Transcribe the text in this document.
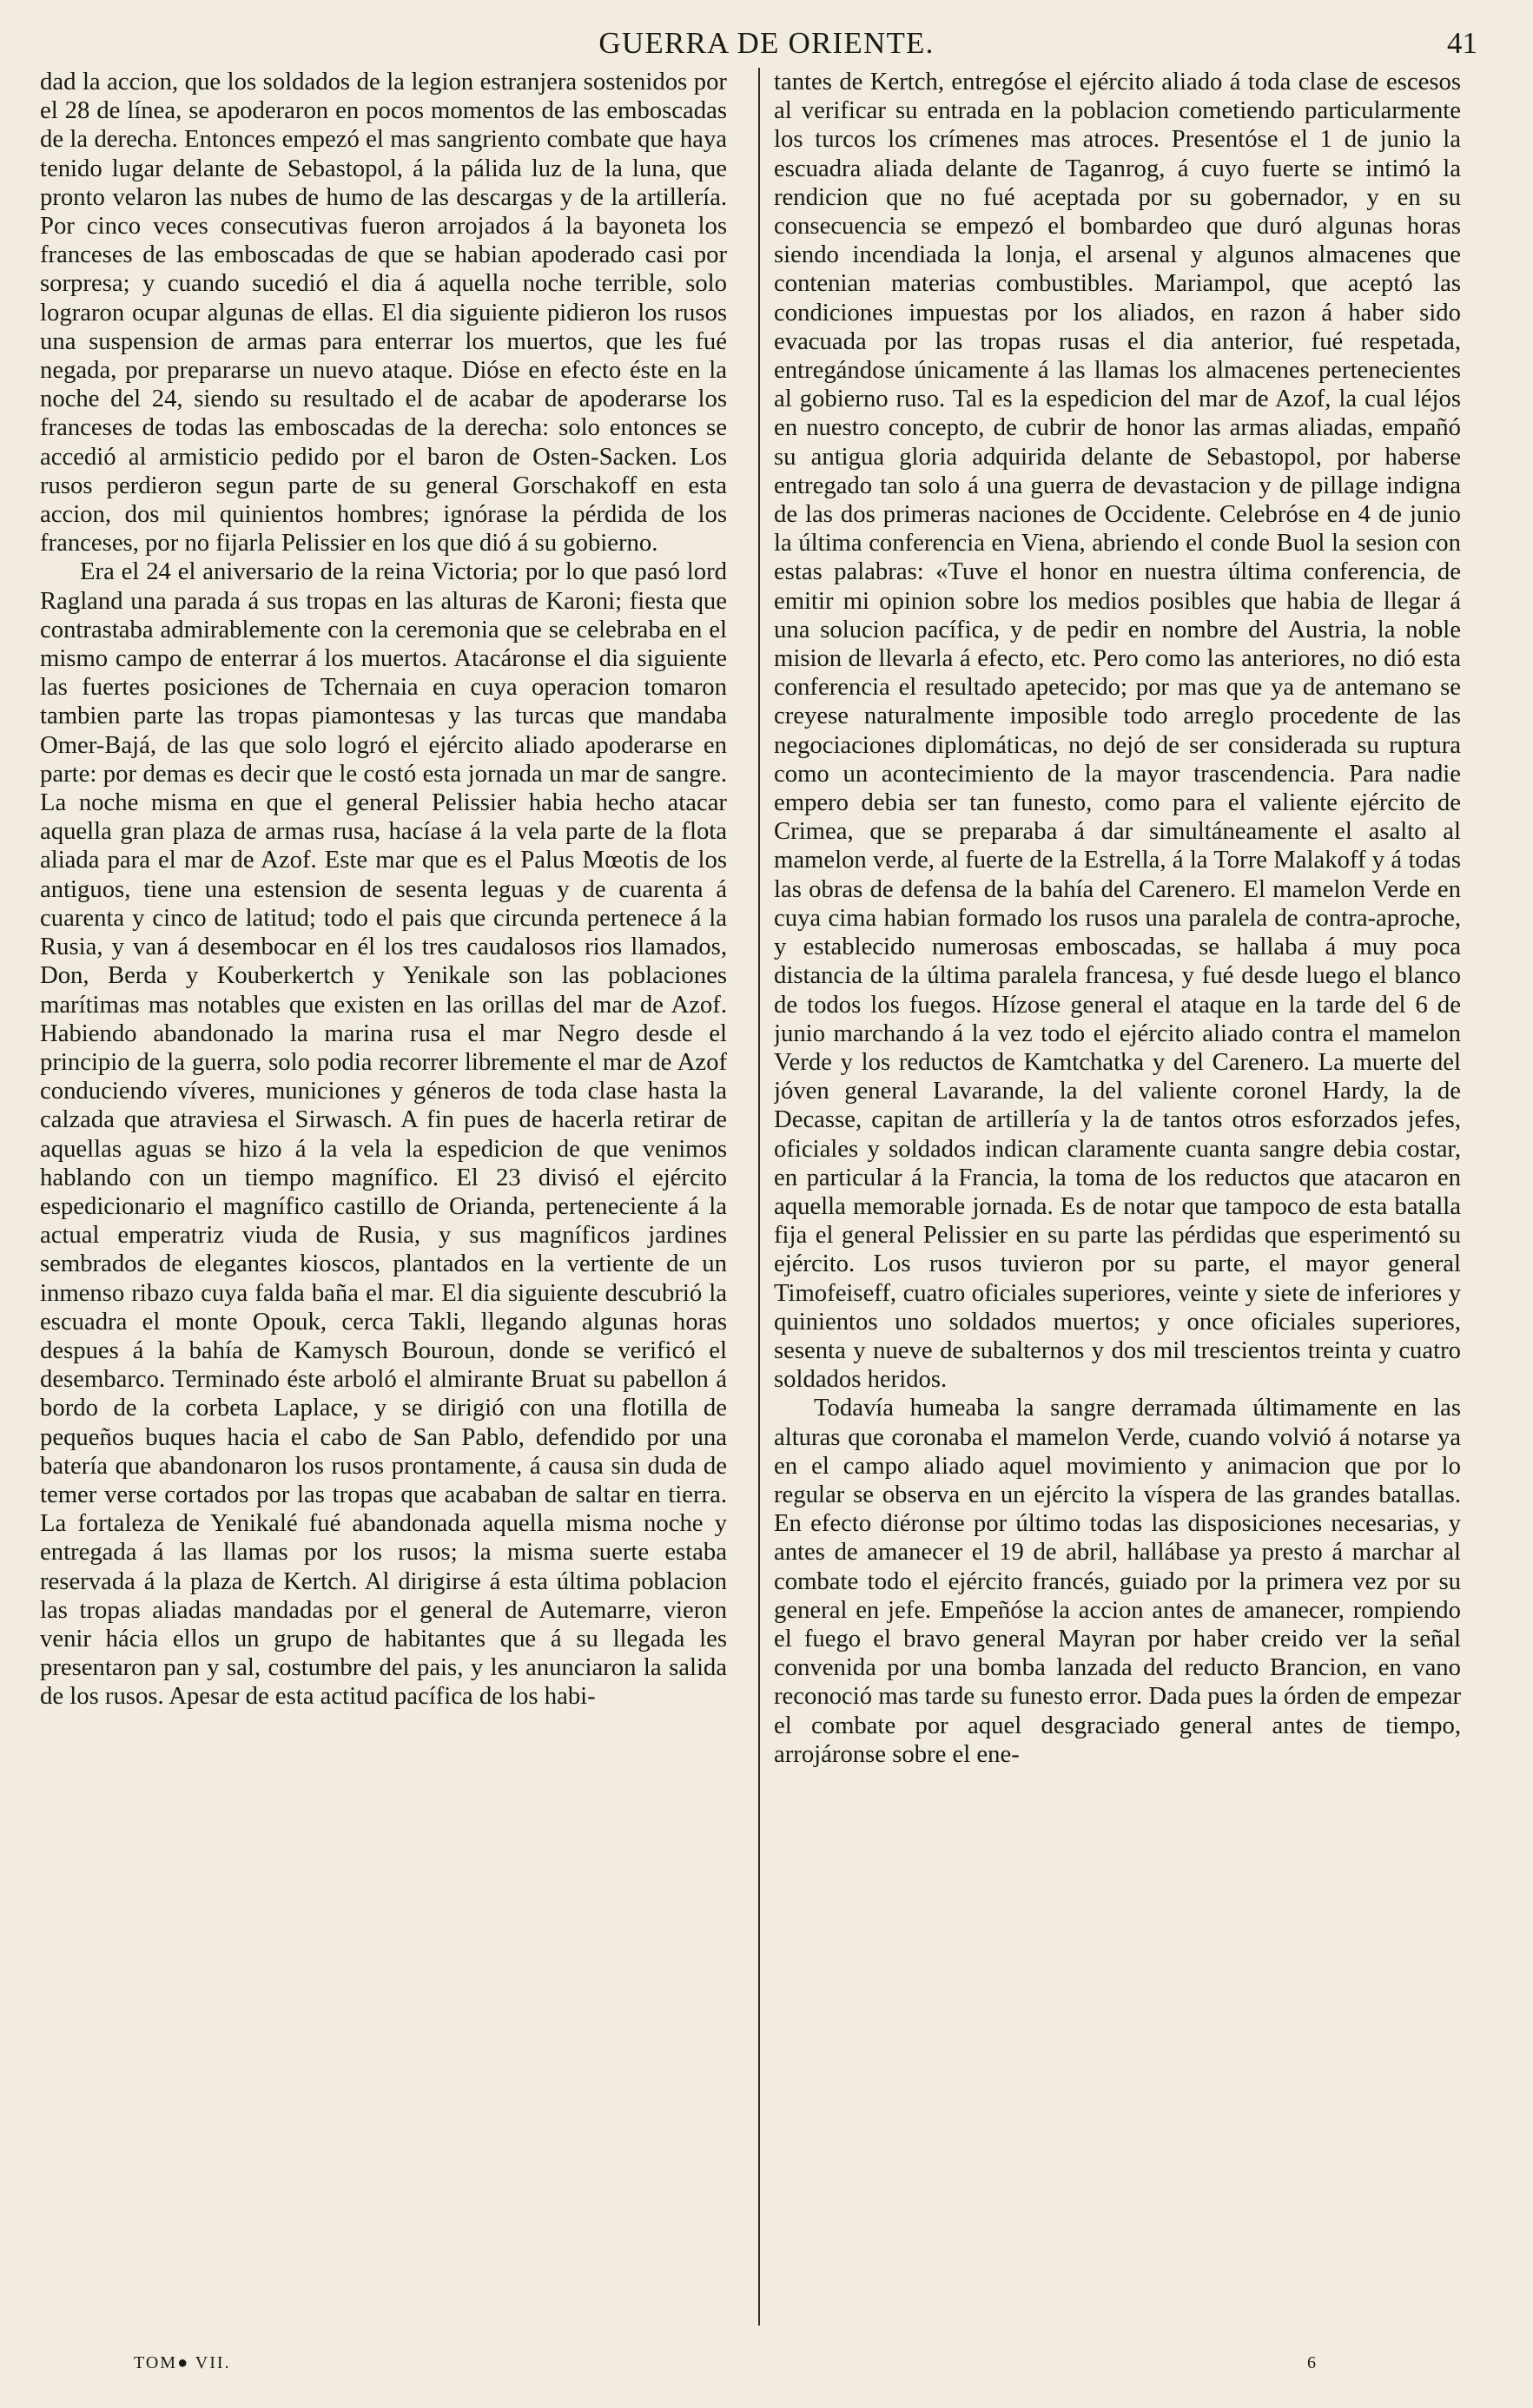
GUERRA DE ORIENTE.	41

dad la accion, que los soldados de la legion estranjera sostenidos por el 28 de línea, se apoderaron en pocos momentos de las emboscadas de la derecha. Entonces empezó el mas sangriento combate que haya tenido lugar delante de Sebastopol, á la pálida luz de la luna, que pronto velaron las nubes de humo de las descargas y de la artillería. Por cinco veces consecutivas fueron arrojados á la bayoneta los franceses de las emboscadas de que se habian apoderado casi por sorpresa; y cuando sucedió el dia á aquella noche terrible, solo lograron ocupar algunas de ellas. El dia siguiente pidieron los rusos una suspension de armas para enterrar los muertos, que les fué negada, por prepararse un nuevo ataque. Dióse en efecto éste en la noche del 24, siendo su resultado el de acabar de apoderarse los franceses de todas las emboscadas de la derecha: solo entonces se accedió al armisticio pedido por el baron de Osten-Sacken. Los rusos perdieron segun parte de su general Gorschakoff en esta accion, dos mil quinientos hombres; ignórase la pérdida de los franceses, por no fijarla Pelissier en los que dió á su gobierno.

Era el 24 el aniversario de la reina Victoria; por lo que pasó lord Ragland una parada á sus tropas en las alturas de Karoni; fiesta que contrastaba admirablemente con la ceremonia que se celebraba en el mismo campo de enterrar á los muertos. Atacáronse el dia siguiente las fuertes posiciones de Tchernaia en cuya operacion tomaron tambien parte las tropas piamontesas y las turcas que mandaba Omer-Bajá, de las que solo logró el ejército aliado apoderarse en parte: por demas es decir que le costó esta jornada un mar de sangre. La noche misma en que el general Pelissier habia hecho atacar aquella gran plaza de armas rusa, hacíase á la vela parte de la flota aliada para el mar de Azof. Este mar que es el Palus Mœotis de los antiguos, tiene una estension de sesenta leguas y de cuarenta á cuarenta y cinco de latitud; todo el pais que circunda pertenece á la Rusia, y van á desembocar en él los tres caudalosos rios llamados, Don, Berda y Kouberkertch y Yenikale son las poblaciones marítimas mas notables que existen en las orillas del mar de Azof. Habiendo abandonado la marina rusa el mar Negro desde el principio de la guerra, solo podia recorrer libremente el mar de Azof conduciendo víveres, municiones y géneros de toda clase hasta la calzada que atraviesa el Sirwasch. A fin pues de hacerla retirar de aquellas aguas se hizo á la vela la espedicion de que venimos hablando con un tiempo magnífico. El 23 divisó el ejército espedicionario el magnífico castillo de Orianda, perteneciente á la actual emperatriz viuda de Rusia, y sus magníficos jardines sembrados de elegantes kioscos, plantados en la vertiente de un inmenso ribazo cuya falda baña el mar. El dia siguiente descubrió la escuadra el monte Opouk, cerca Takli, llegando algunas horas despues á la bahía de Kamysch Bouroun, donde se verificó el desembarco. Terminado éste arboló el almirante Bruat su pabellon á bordo de la corbeta Laplace, y se dirigió con una flotilla de pequeños buques hacia el cabo de San Pablo, defendido por una batería que abandonaron los rusos prontamente, á causa sin duda de temer verse cortados por las tropas que acababan de saltar en tierra. La fortaleza de Yenikalé fué abandonada aquella misma noche y entregada á las llamas por los rusos; la misma suerte estaba reservada á la plaza de Kertch. Al dirigirse á esta última poblacion las tropas aliadas mandadas por el general de Autemarre, vieron venir hácia ellos un grupo de habitantes que á su llegada les presentaron pan y sal, costumbre del pais, y les anunciaron la salida de los rusos. Apesar de esta actitud pacífica de los habi-

tantes de Kertch, entregóse el ejército aliado á toda clase de escesos al verificar su entrada en la poblacion cometiendo particularmente los turcos los crímenes mas atroces. Presentóse el 1 de junio la escuadra aliada delante de Taganrog, á cuyo fuerte se intimó la rendicion que no fué aceptada por su gobernador, y en su consecuencia se empezó el bombardeo que duró algunas horas siendo incendiada la lonja, el arsenal y algunos almacenes que contenian materias combustibles. Mariampol, que aceptó las condiciones impuestas por los aliados, en razon á haber sido evacuada por las tropas rusas el dia anterior, fué respetada, entregándose únicamente á las llamas los almacenes pertenecientes al gobierno ruso. Tal es la espedicion del mar de Azof, la cual léjos en nuestro concepto, de cubrir de honor las armas aliadas, empañó su antigua gloria adquirida delante de Sebastopol, por haberse entregado tan solo á una guerra de devastacion y de pillage indigna de las dos primeras naciones de Occidente. Celebróse en 4 de junio la última conferencia en Viena, abriendo el conde Buol la sesion con estas palabras: «Tuve el honor en nuestra última conferencia, de emitir mi opinion sobre los medios posibles que habia de llegar á una solucion pacífica, y de pedir en nombre del Austria, la noble mision de llevarla á efecto, etc. Pero como las anteriores, no dió esta conferencia el resultado apetecido; por mas que ya de antemano se creyese naturalmente imposible todo arreglo procedente de las negociaciones diplomáticas, no dejó de ser considerada su ruptura como un acontecimiento de la mayor trascendencia. Para nadie empero debia ser tan funesto, como para el valiente ejército de Crimea, que se preparaba á dar simultáneamente el asalto al mamelon verde, al fuerte de la Estrella, á la Torre Malakoff y á todas las obras de defensa de la bahía del Carenero. El mamelon Verde en cuya cima habian formado los rusos una paralela de contra-aproche, y establecido numerosas emboscadas, se hallaba á muy poca distancia de la última paralela francesa, y fué desde luego el blanco de todos los fuegos. Hízose general el ataque en la tarde del 6 de junio marchando á la vez todo el ejército aliado contra el mamelon Verde y los reductos de Kamtchatka y del Carenero. La muerte del jóven general Lavarande, la del valiente coronel Hardy, la de Decasse, capitan de artillería y la de tantos otros esforzados jefes, oficiales y soldados indican claramente cuanta sangre debia costar, en particular á la Francia, la toma de los reductos que atacaron en aquella memorable jornada. Es de notar que tampoco de esta batalla fija el general Pelissier en su parte las pérdidas que esperimentó su ejército. Los rusos tuvieron por su parte, el mayor general Timofeiseff, cuatro oficiales superiores, veinte y siete de inferiores y quinientos uno soldados muertos; y once oficiales superiores, sesenta y nueve de subalternos y dos mil trescientos treinta y cuatro soldados heridos.

Todavía humeaba la sangre derramada últimamente en las alturas que coronaba el mamelon Verde, cuando volvió á notarse ya en el campo aliado aquel movimiento y animacion que por lo regular se observa en un ejército la víspera de las grandes batallas. En efecto diéronse por último todas las disposiciones necesarias, y antes de amanecer el 19 de abril, hallábase ya presto á marchar al combate todo el ejército francés, guiado por la primera vez por su general en jefe. Empeñóse la accion antes de amanecer, rompiendo el fuego el bravo general Mayran por haber creido ver la señal convenida por una bomba lanzada del reducto Brancion, en vano reconoció mas tarde su funesto error. Dada pues la órden de empezar el combate por aquel desgraciado general antes de tiempo, arrojáronse sobre el ene-

TOM● VII.	6
